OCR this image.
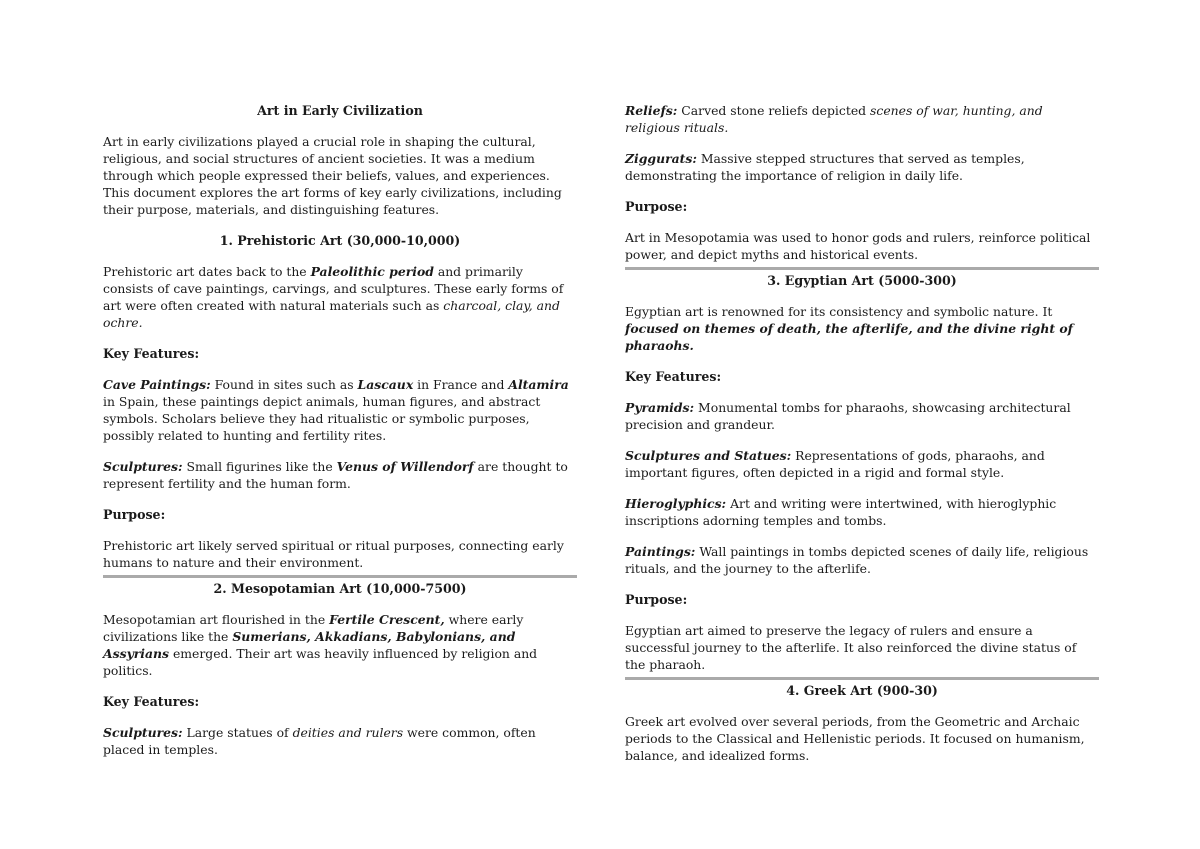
Art in Early Civilization

Art in early civilizations played a crucial role in shaping the cultural, religious, and social structures of ancient societies. It was a medium through which people expressed their beliefs, values, and experiences. This document explores the art forms of key early civilizations, including their purpose, materials, and distinguishing features.

1. Prehistoric Art (30,000-10,000)

Prehistoric art dates back to the Paleolithic period and primarily consists of cave paintings, carvings, and sculptures. These early forms of art were often created with natural materials such as charcoal, clay, and ochre.

Key Features:

Cave Paintings: Found in sites such as Lascaux in France and Altamira in Spain, these paintings depict animals, human figures, and abstract symbols. Scholars believe they had ritualistic or symbolic purposes, possibly related to hunting and fertility rites.

Sculptures: Small figurines like the Venus of Willendorf are thought to represent fertility and the human form.

Purpose:

Prehistoric art likely served spiritual or ritual purposes, connecting early humans to nature and their environment.

2. Mesopotamian Art (10,000-7500)

Mesopotamian art flourished in the Fertile Crescent, where early civilizations like the Sumerians, Akkadians, Babylonians, and Assyrians emerged. Their art was heavily influenced by religion and politics.

Key Features:

Sculptures: Large statues of deities and rulers were common, often placed in temples.

Reliefs: Carved stone reliefs depicted scenes of war, hunting, and religious rituals.

Ziggurats: Massive stepped structures that served as temples, demonstrating the importance of religion in daily life.

Purpose:

Art in Mesopotamia was used to honor gods and rulers, reinforce political power, and depict myths and historical events.

3. Egyptian Art (5000-300)

Egyptian art is renowned for its consistency and symbolic nature. It focused on themes of death, the afterlife, and the divine right of pharaohs.

Key Features:

Pyramids: Monumental tombs for pharaohs, showcasing architectural precision and grandeur.

Sculptures and Statues: Representations of gods, pharaohs, and important figures, often depicted in a rigid and formal style.

Hieroglyphics: Art and writing were intertwined, with hieroglyphic inscriptions adorning temples and tombs.

Paintings: Wall paintings in tombs depicted scenes of daily life, religious rituals, and the journey to the afterlife.

Purpose:

Egyptian art aimed to preserve the legacy of rulers and ensure a successful journey to the afterlife. It also reinforced the divine status of the pharaoh.

4. Greek Art (900-30)

Greek art evolved over several periods, from the Geometric and Archaic periods to the Classical and Hellenistic periods. It focused on humanism, balance, and idealized forms.
